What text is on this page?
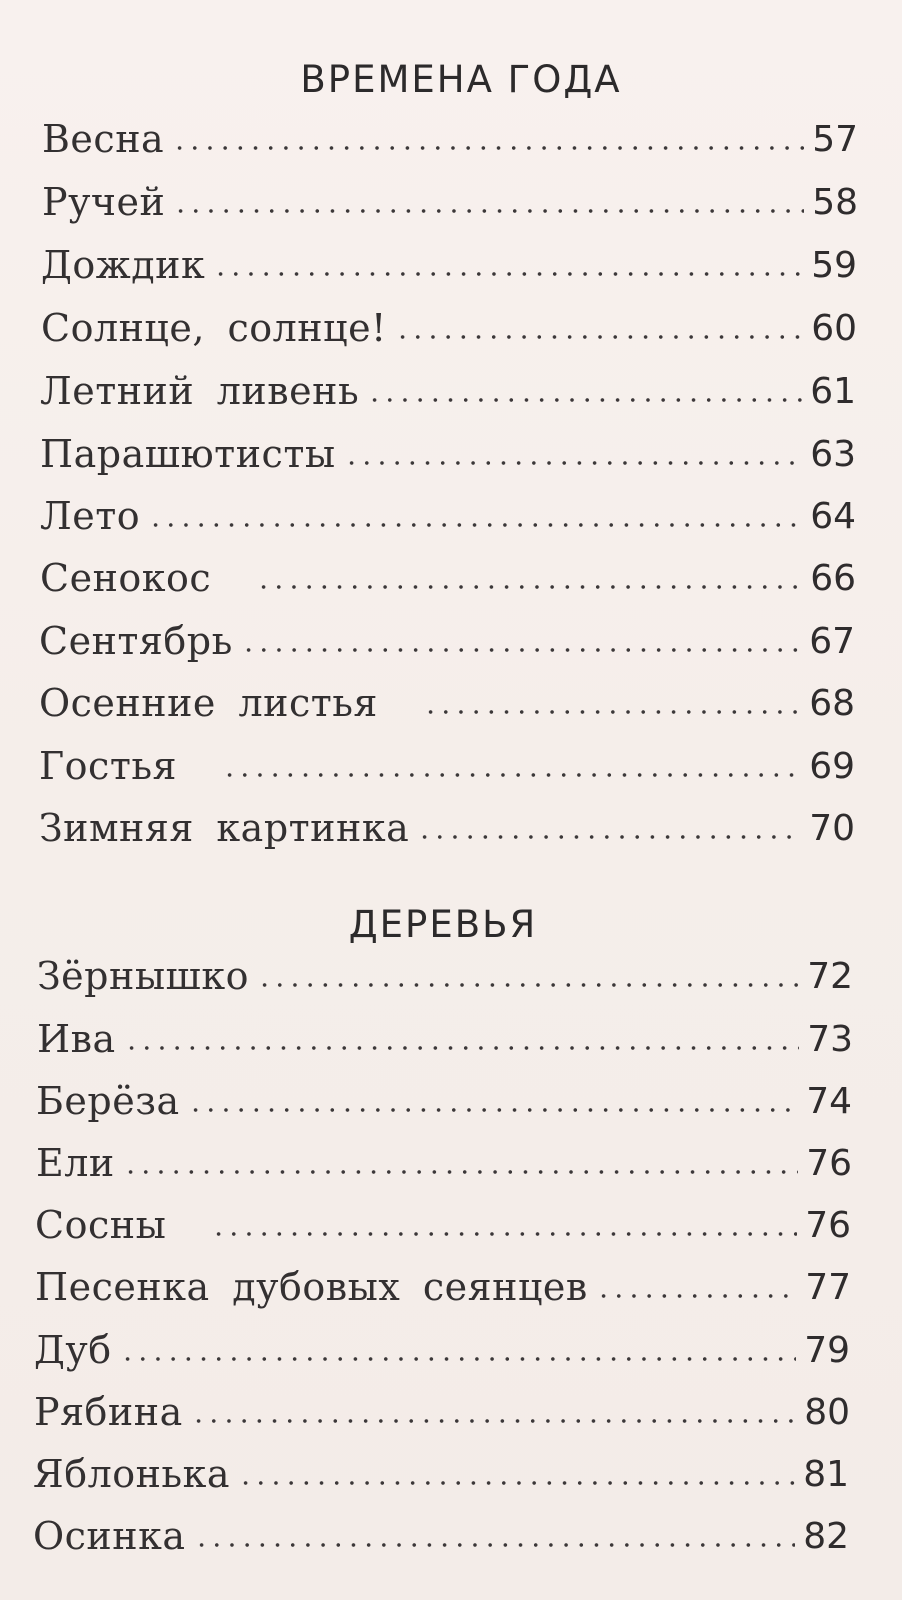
ВРЕМЕНА ГОДА
Весна	57
Ручей	58
Дождик	59
Солнце, солнце!	60
Летний ливень	61
Парашютисты	63
Лето	64
Сенокос	66
Сентябрь	67
Осенние листья	68
Гостья	69
Зимняя картинка	70
ДЕРЕВЬЯ
Зёрнышко	72
Ива	73
Берёза	74
Ели	76
Сосны	76
Песенка дубовых сеянцев	77
Дуб	79
Рябина	80
Яблонька	81
Осинка	82
